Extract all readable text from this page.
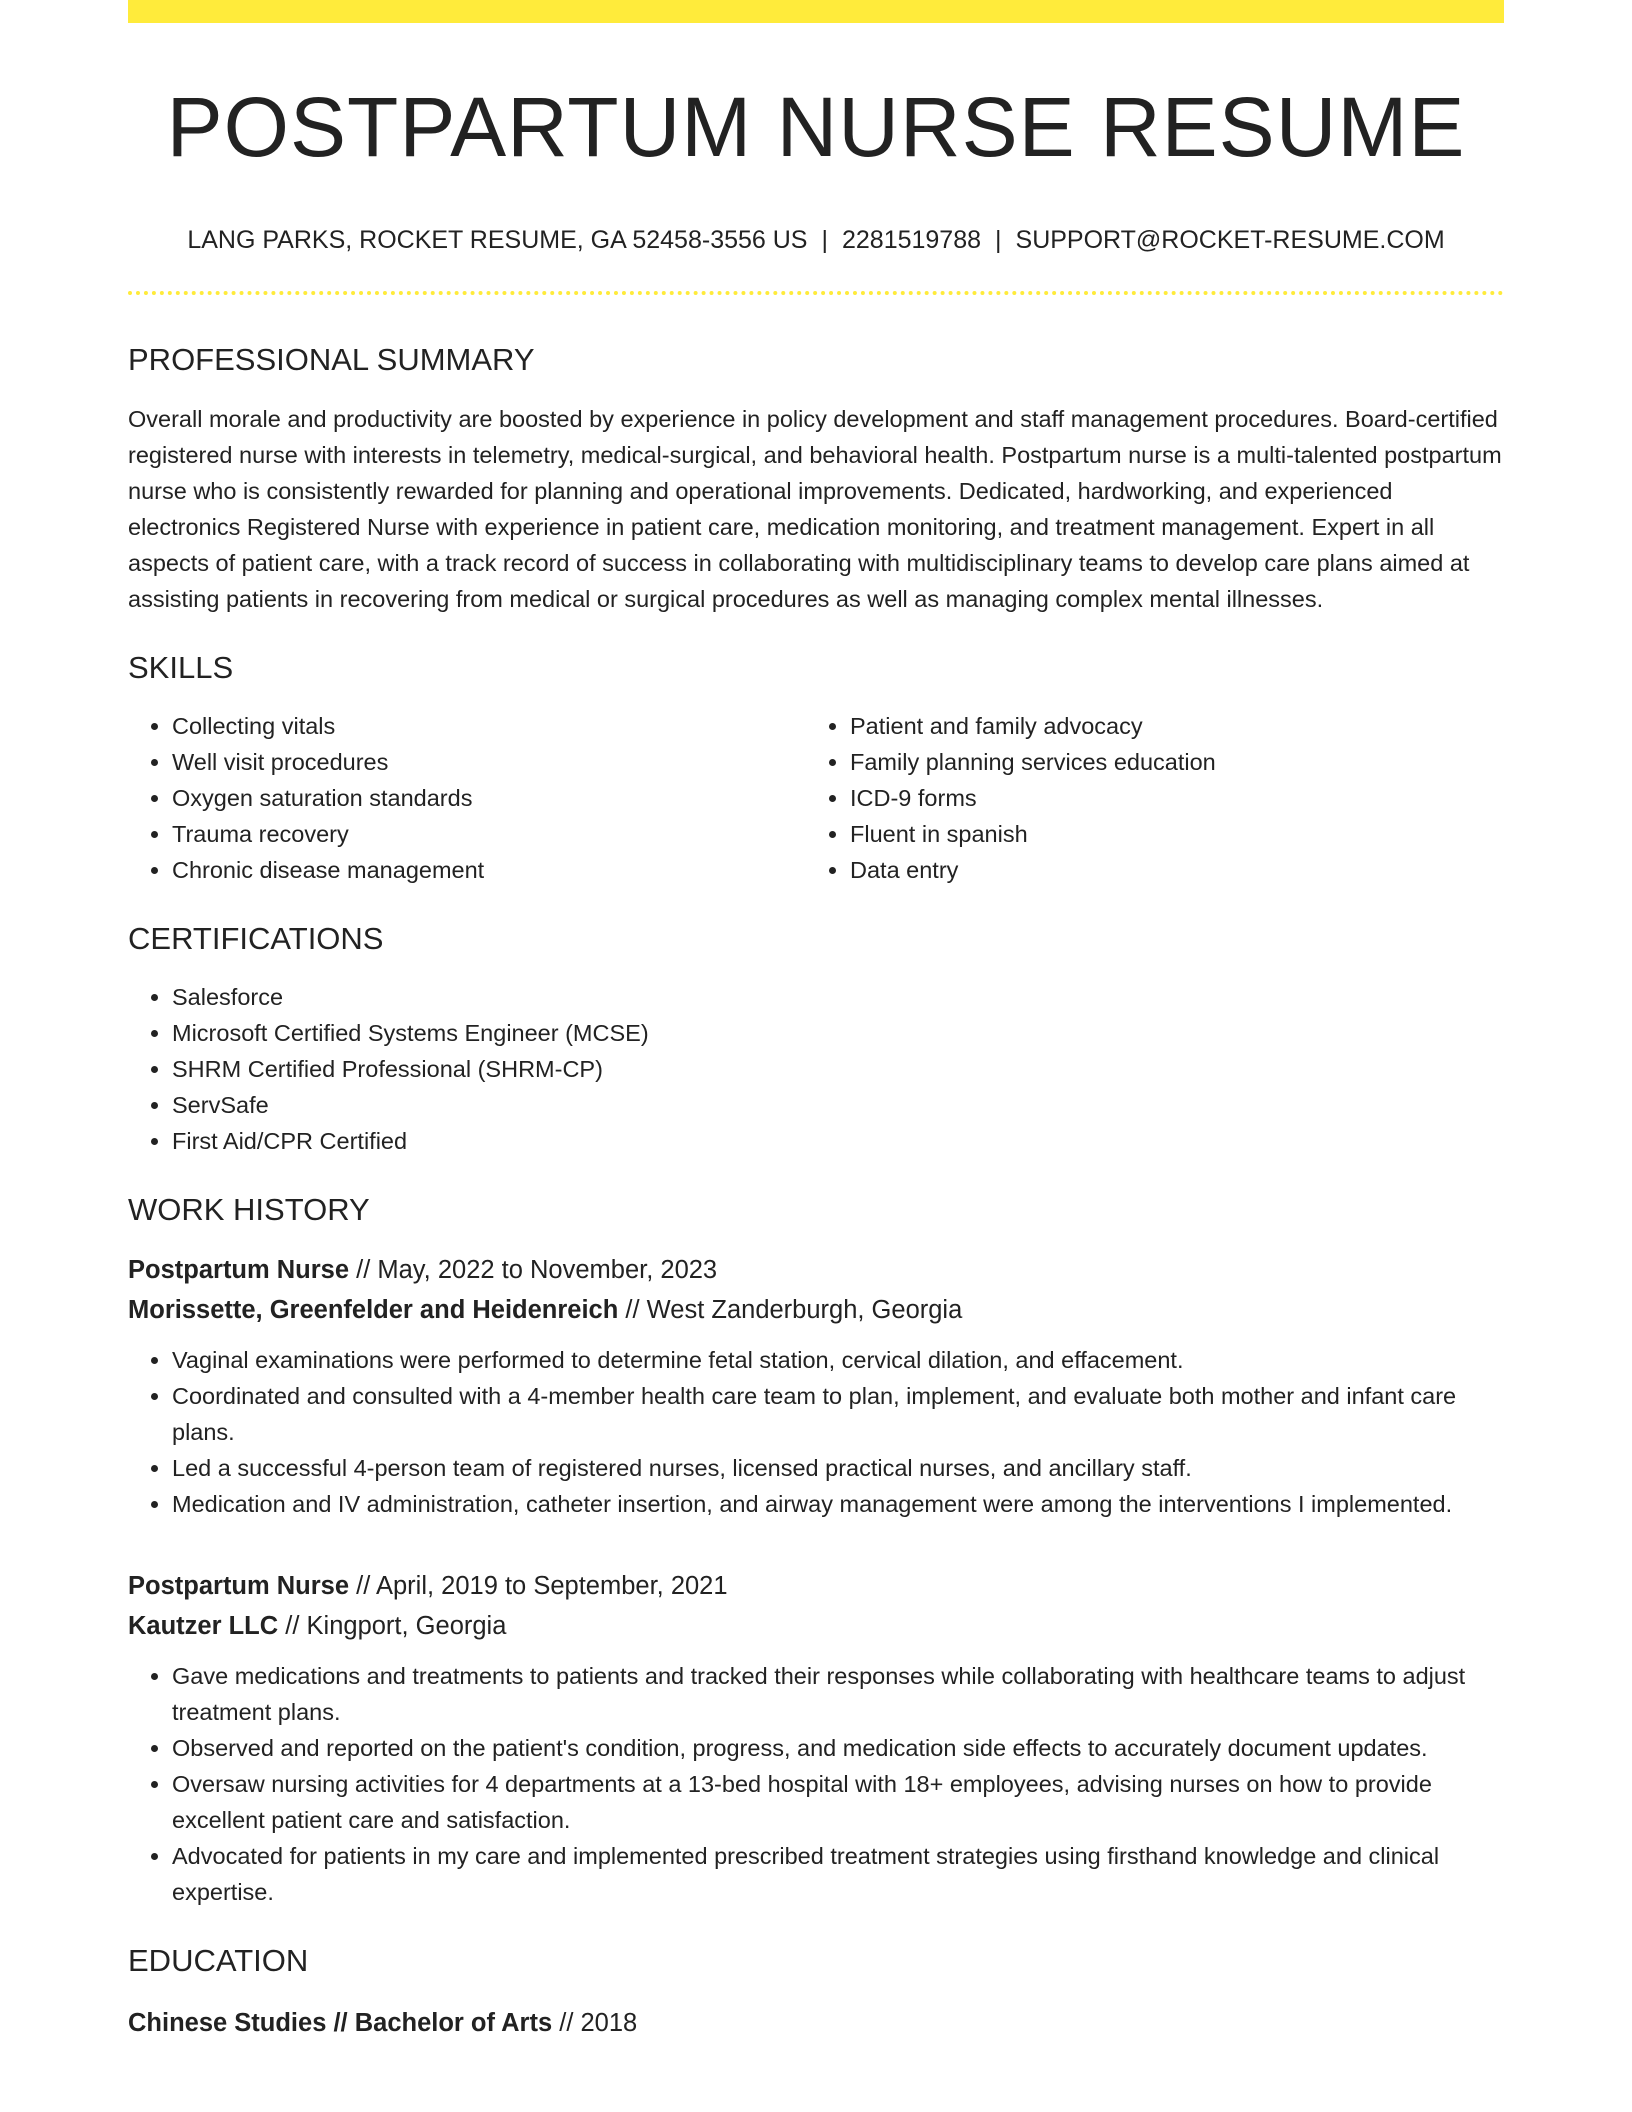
POSTPARTUM NURSE RESUME
LANG PARKS, ROCKET RESUME, GA 52458-3556 US | 2281519788 | SUPPORT@ROCKET-RESUME.COM
PROFESSIONAL SUMMARY

Overall morale and productivity are boosted by experience in policy development and staff management procedures. Board-certified registered nurse with interests in telemetry, medical-surgical, and behavioral health. Postpartum nurse is a multi-talented postpartum nurse who is consistently rewarded for planning and operational improvements. Dedicated, hardworking, and experienced electronics Registered Nurse with experience in patient care, medication monitoring, and treatment management. Expert in all aspects of patient care, with a track record of success in collaborating with multidisciplinary teams to develop care plans aimed at assisting patients in recovering from medical or surgical procedures as well as managing complex mental illnesses.

SKILLS
• Collecting vitals
• Well visit procedures
• Oxygen saturation standards
• Trauma recovery
• Chronic disease management
• Patient and family advocacy
• Family planning services education
• ICD-9 forms
• Fluent in spanish
• Data entry
CERTIFICATIONS
• Salesforce
• Microsoft Certified Systems Engineer (MCSE)
• SHRM Certified Professional (SHRM-CP)
• ServSafe
• First Aid/CPR Certified
WORK HISTORY
Postpartum Nurse // May, 2022 to November, 2023
Morissette, Greenfelder and Heidenreich // West Zanderburgh, Georgia
• Vaginal examinations were performed to determine fetal station, cervical dilation, and effacement.
• Coordinated and consulted with a 4-member health care team to plan, implement, and evaluate both mother and infant care plans.
• Led a successful 4-person team of registered nurses, licensed practical nurses, and ancillary staff.
• Medication and IV administration, catheter insertion, and airway management were among the interventions I implemented.
Postpartum Nurse // April, 2019 to September, 2021
Kautzer LLC // Kingport, Georgia
• Gave medications and treatments to patients and tracked their responses while collaborating with healthcare teams to adjust treatment plans.
• Observed and reported on the patient's condition, progress, and medication side effects to accurately document updates.
• Oversaw nursing activities for 4 departments at a 13-bed hospital with 18+ employees, advising nurses on how to provide excellent patient care and satisfaction.
• Advocated for patients in my care and implemented prescribed treatment strategies using firsthand knowledge and clinical expertise.
EDUCATION
Chinese Studies // Bachelor of Arts // 2018
